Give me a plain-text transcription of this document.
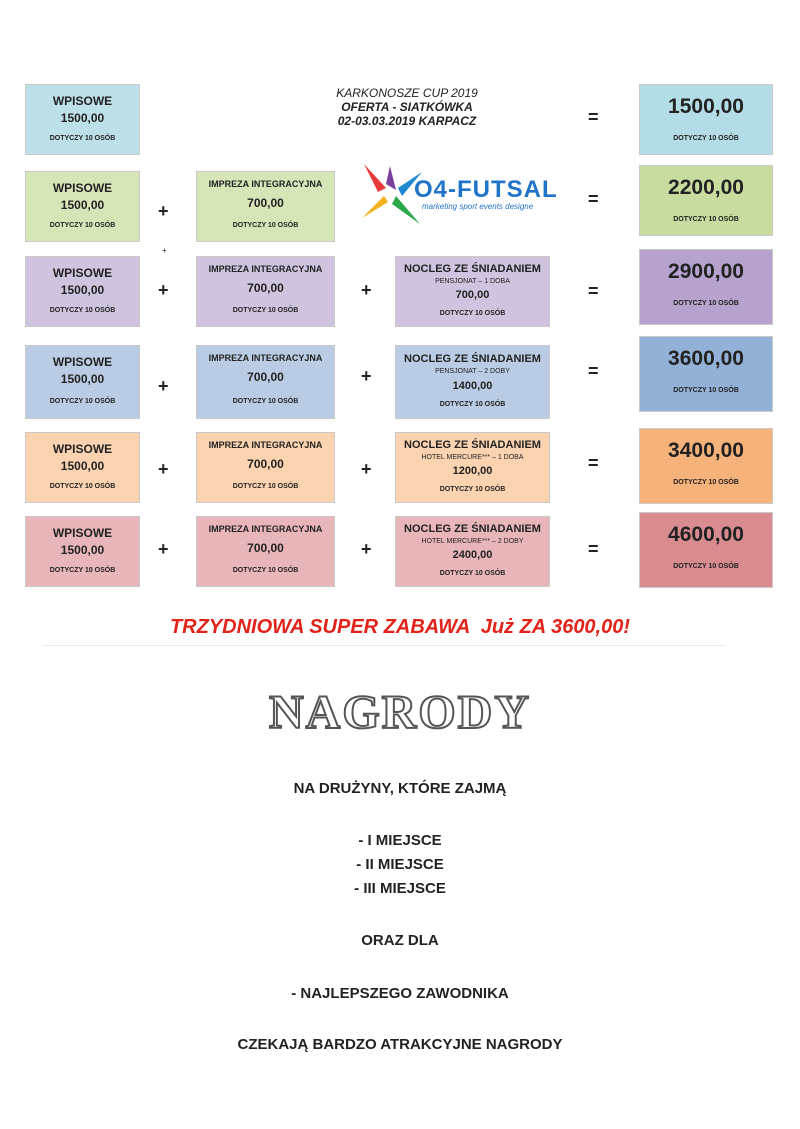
KARKONOSZE CUP 2019
OFERTA - SIATKÓWKA
02-03.03.2019 KARPACZ
O4-FUTSAL
marketing sport events designe
WPISOWE
1500,00
DOTYCZY 10 OSÓB
=	1500,00
DOTYCZY 10 OSÓB
WPISOWE
1500,00
DOTYCZY 10 OSÓB
+
IMPREZA INTEGRACYJNA
700,00
DOTYCZY 10 OSÓB
=	2200,00
DOTYCZY 10 OSÓB
+
WPISOWE
1500,00
DOTYCZY 10 OSÓB
+
IMPREZA INTEGRACYJNA
700,00
DOTYCZY 10 OSÓB
+
NOCLEG ZE ŚNIADANIEM
PENSJONAT – 1 DOBA
700,00
DOTYCZY 10 OSÓB
=
2900,00
DOTYCZY 10 OSÓB
WPISOWE
1500,00
DOTYCZY 10 OSÓB
+
IMPREZA INTEGRACYJNA
700,00
DOTYCZY 10 OSÓB
+
NOCLEG ZE ŚNIADANIEM
PENSJONAT – 2 DOBY
1400,00
DOTYCZY 10 OSÓB
=
3600,00
DOTYCZY 10 OSÓB
WPISOWE
1500,00
DOTYCZY 10 OSÓB
+
IMPREZA INTEGRACYJNA
700,00
DOTYCZY 10 OSÓB
+
NOCLEG ZE ŚNIADANIEM
HOTEL MERCURE*** – 1 DOBA
1200,00
DOTYCZY 10 OSÓB
=
3400,00
DOTYCZY 10 OSÓB
WPISOWE
1500,00
DOTYCZY 10 OSÓB
+
IMPREZA INTEGRACYJNA
700,00
DOTYCZY 10 OSÓB
+
NOCLEG ZE ŚNIADANIEM
HOTEL MERCURE*** – 2 DOBY
2400,00
DOTYCZY 10 OSÓB
=
4600,00
DOTYCZY 10 OSÓB
TRZYDNIOWA SUPER ZABAWA  Już ZA 3600,00!
NAGRODY
NA DRUŻYNY, KTÓRE ZAJMĄ
- I MIEJSCE
- II MIEJSCE
- III MIEJSCE
ORAZ DLA
- NAJLEPSZEGO ZAWODNIKA
CZEKAJĄ BARDZO ATRAKCYJNE NAGRODY
